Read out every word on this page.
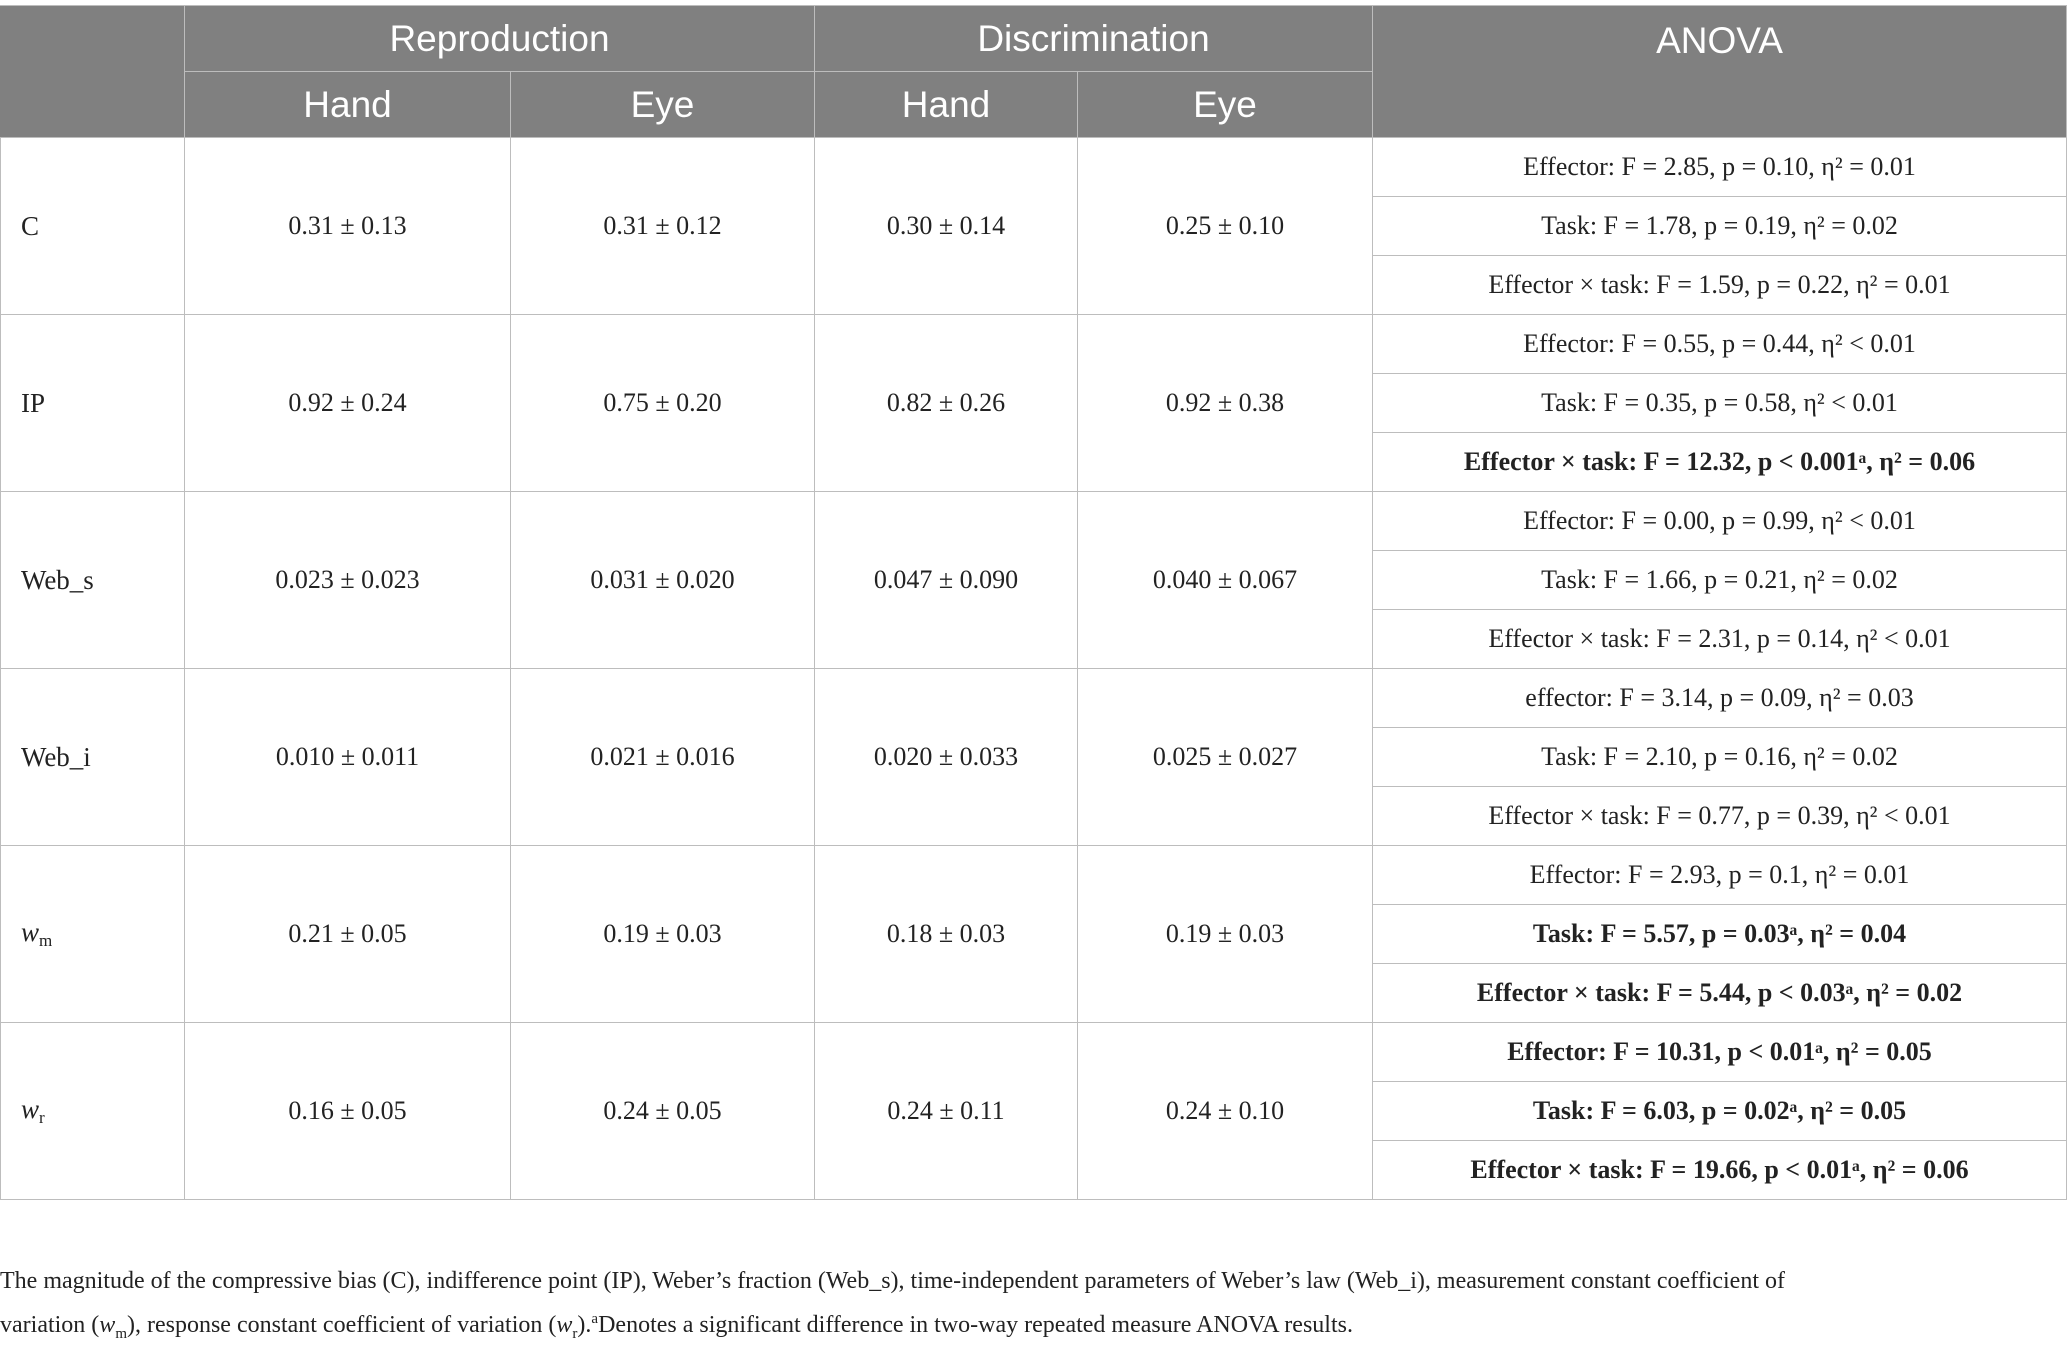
	Reproduction		Discrimination		ANOVA
	Hand	Eye	Hand	Eye	
C	0.31 ± 0.13	0.31 ± 0.12	0.30 ± 0.14	0.25 ± 0.10	Effector: F = 2.85, p = 0.10, η² = 0.01
					Task: F = 1.78, p = 0.19, η² = 0.02
					Effector × task: F = 1.59, p = 0.22, η² = 0.01
IP	0.92 ± 0.24	0.75 ± 0.20	0.82 ± 0.26	0.92 ± 0.38	Effector: F = 0.55, p = 0.44, η² < 0.01
					Task: F = 0.35, p = 0.58, η² < 0.01
					Effector × task: F = 12.32, p < 0.001ᵃ, η² = 0.06
Web_s	0.023 ± 0.023	0.031 ± 0.020	0.047 ± 0.090	0.040 ± 0.067	Effector: F = 0.00, p = 0.99, η² < 0.01
					Task: F = 1.66, p = 0.21, η² = 0.02
					Effector × task: F = 2.31, p = 0.14, η² < 0.01
Web_i	0.010 ± 0.011	0.021 ± 0.016	0.020 ± 0.033	0.025 ± 0.027	effector: F = 3.14, p = 0.09, η² = 0.03
					Task: F = 2.10, p = 0.16, η² = 0.02
					Effector × task: F = 0.77, p = 0.39, η² < 0.01
$w_m$	0.21 ± 0.05	0.19 ± 0.03	0.18 ± 0.03	0.19 ± 0.03	Effector: F = 2.93, p = 0.1, η² = 0.01
					Task: F = 5.57, p = 0.03ᵃ, η² = 0.04
					Effector × task: F = 5.44, p < 0.03ᵃ, η² = 0.02
$w_r$	0.16 ± 0.05	0.24 ± 0.05	0.24 ± 0.11	0.24 ± 0.10	Effector: F = 10.31, p < 0.01ᵃ, η² = 0.05
					Task: F = 6.03, p = 0.02ᵃ, η² = 0.05
					Effector × task: F = 19.66, p < 0.01ᵃ, η² = 0.06
The magnitude of the compressive bias (C), indifference point (IP), Weber’s fraction (Web_s), time-independent parameters of Weber’s law (Web_i), measurement constant coefficient of
variation $(w_m)$, response constant coefficient of variation $(w_r).^aDenotes$ a significant difference in two-way repeated measure ANOVA results.
